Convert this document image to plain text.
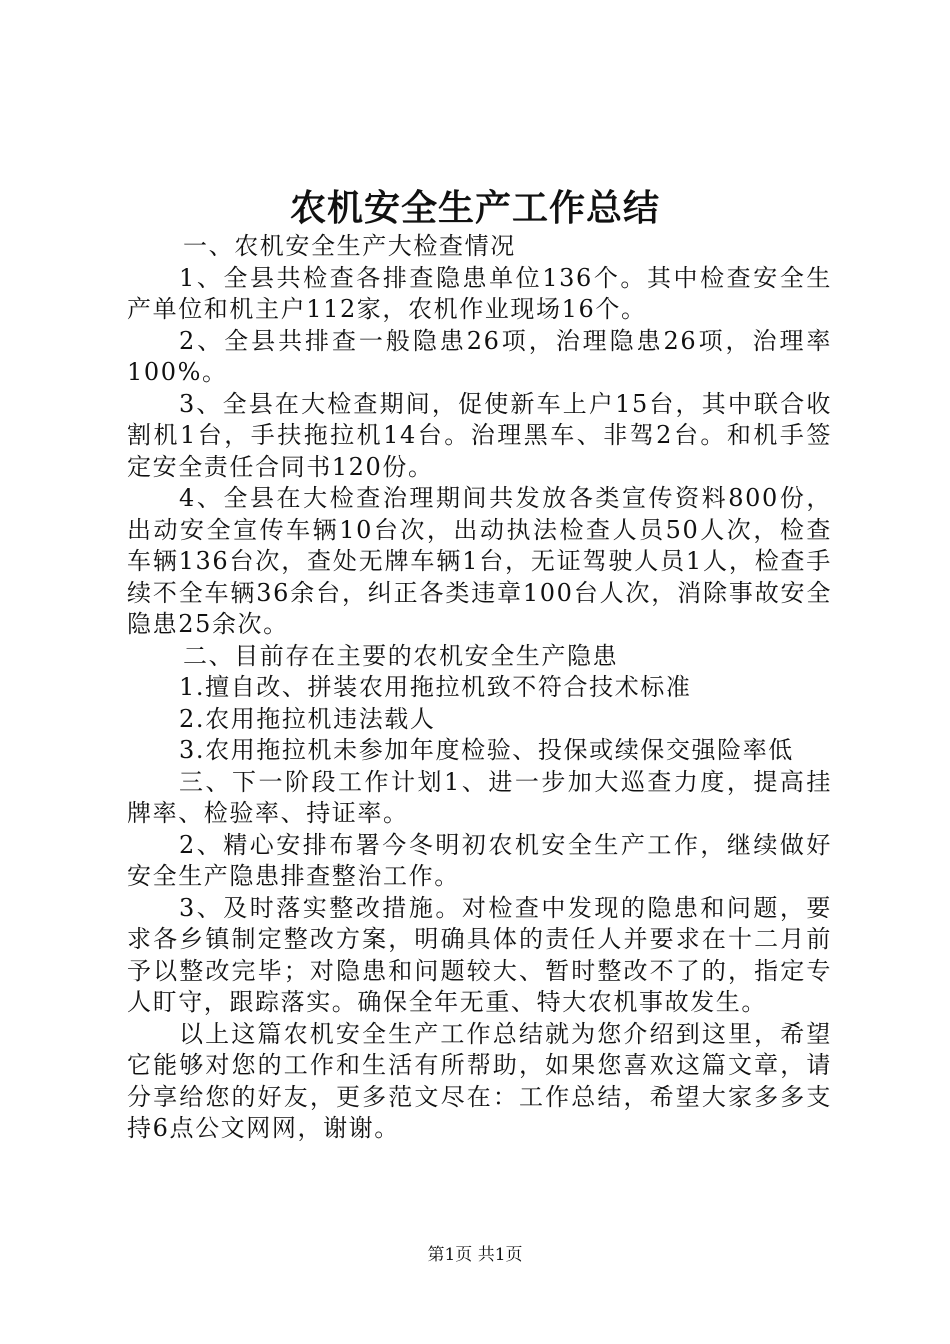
农机安全生产工作总结

一、农机安全生产大检查情况

1、全县共检查各排查隐患单位136个。其中检查安全生产单位和机主户112家，农机作业现场16个。

2、全县共排查一般隐患26项，治理隐患26项，治理率100%。

3、全县在大检查期间，促使新车上户15台，其中联合收割机1台，手扶拖拉机14台。治理黑车、非驾2台。和机手签定安全责任合同书120份。

4、全县在大检查治理期间共发放各类宣传资料800份，出动安全宣传车辆10台次，出动执法检查人员50人次，检查车辆136台次，查处无牌车辆1台，无证驾驶人员1人，检查手续不全车辆36余台，纠正各类违章100台人次，消除事故安全隐患25余次。

二、目前存在主要的农机安全生产隐患

1.擅自改、拼装农用拖拉机致不符合技术标准

2.农用拖拉机违法载人

3.农用拖拉机未参加年度检验、投保或续保交强险率低

三、下一阶段工作计划1、进一步加大巡查力度，提高挂牌率、检验率、持证率。

2、精心安排布署今冬明初农机安全生产工作，继续做好安全生产隐患排查整治工作。

3、及时落实整改措施。对检查中发现的隐患和问题，要求各乡镇制定整改方案，明确具体的责任人并要求在十二月前予以整改完毕；对隐患和问题较大、暂时整改不了的，指定专人盯守，跟踪落实。确保全年无重、特大农机事故发生。

以上这篇农机安全生产工作总结就为您介绍到这里，希望它能够对您的工作和生活有所帮助，如果您喜欢这篇文章，请分享给您的好友，更多范文尽在：工作总结，希望大家多多支持6点公文网网，谢谢。

第1页 共1页
